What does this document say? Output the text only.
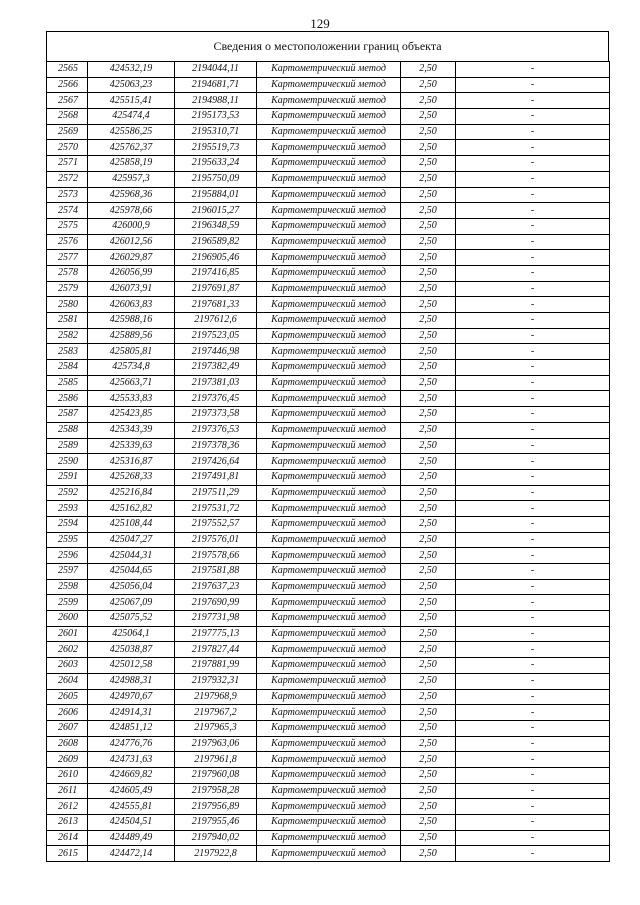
129
Сведения о местоположении границ объекта
2565	424532,19	2194044,11	Картометрический метод	2,50	-
2566	425063,23	2194681,71	Картометрический метод	2,50	-
2567	425515,41	2194988,11	Картометрический метод	2,50	-
2568	425474,4	2195173,53	Картометрический метод	2,50	-
2569	425586,25	2195310,71	Картометрический метод	2,50	-
2570	425762,37	2195519,73	Картометрический метод	2,50	-
2571	425858,19	2195633,24	Картометрический метод	2,50	-
2572	425957,3	2195750,09	Картометрический метод	2,50	-
2573	425968,36	2195884,01	Картометрический метод	2,50	-
2574	425978,66	2196015,27	Картометрический метод	2,50	-
2575	426000,9	2196348,59	Картометрический метод	2,50	-
2576	426012,56	2196589,82	Картометрический метод	2,50	-
2577	426029,87	2196905,46	Картометрический метод	2,50	-
2578	426056,99	2197416,85	Картометрический метод	2,50	-
2579	426073,91	2197691,87	Картометрический метод	2,50	-
2580	426063,83	2197681,33	Картометрический метод	2,50	-
2581	425988,16	2197612,6	Картометрический метод	2,50	-
2582	425889,56	2197523,05	Картометрический метод	2,50	-
2583	425805,81	2197446,98	Картометрический метод	2,50	-
2584	425734,8	2197382,49	Картометрический метод	2,50	-
2585	425663,71	2197381,03	Картометрический метод	2,50	-
2586	425533,83	2197376,45	Картометрический метод	2,50	-
2587	425423,85	2197373,58	Картометрический метод	2,50	-
2588	425343,39	2197376,53	Картометрический метод	2,50	-
2589	425339,63	2197378,36	Картометрический метод	2,50	-
2590	425316,87	2197426,64	Картометрический метод	2,50	-
2591	425268,33	2197491,81	Картометрический метод	2,50	-
2592	425216,84	2197511,29	Картометрический метод	2,50	-
2593	425162,82	2197531,72	Картометрический метод	2,50	-
2594	425108,44	2197552,57	Картометрический метод	2,50	-
2595	425047,27	2197576,01	Картометрический метод	2,50	-
2596	425044,31	2197578,66	Картометрический метод	2,50	-
2597	425044,65	2197581,88	Картометрический метод	2,50	-
2598	425056,04	2197637,23	Картометрический метод	2,50	-
2599	425067,09	2197690,99	Картометрический метод	2,50	-
2600	425075,52	2197731,98	Картометрический метод	2,50	-
2601	425064,1	2197775,13	Картометрический метод	2,50	-
2602	425038,87	2197827,44	Картометрический метод	2,50	-
2603	425012,58	2197881,99	Картометрический метод	2,50	-
2604	424988,31	2197932,31	Картометрический метод	2,50	-
2605	424970,67	2197968,9	Картометрический метод	2,50	-
2606	424914,31	2197967,2	Картометрический метод	2,50	-
2607	424851,12	2197965,3	Картометрический метод	2,50	-
2608	424776,76	2197963,06	Картометрический метод	2,50	-
2609	424731,63	2197961,8	Картометрический метод	2,50	-
2610	424669,82	2197960,08	Картометрический метод	2,50	-
2611	424605,49	2197958,28	Картометрический метод	2,50	-
2612	424555,81	2197956,89	Картометрический метод	2,50	-
2613	424504,51	2197955,46	Картометрический метод	2,50	-
2614	424489,49	2197940,02	Картометрический метод	2,50	-
2615	424472,14	2197922,8	Картометрический метод	2,50	-
